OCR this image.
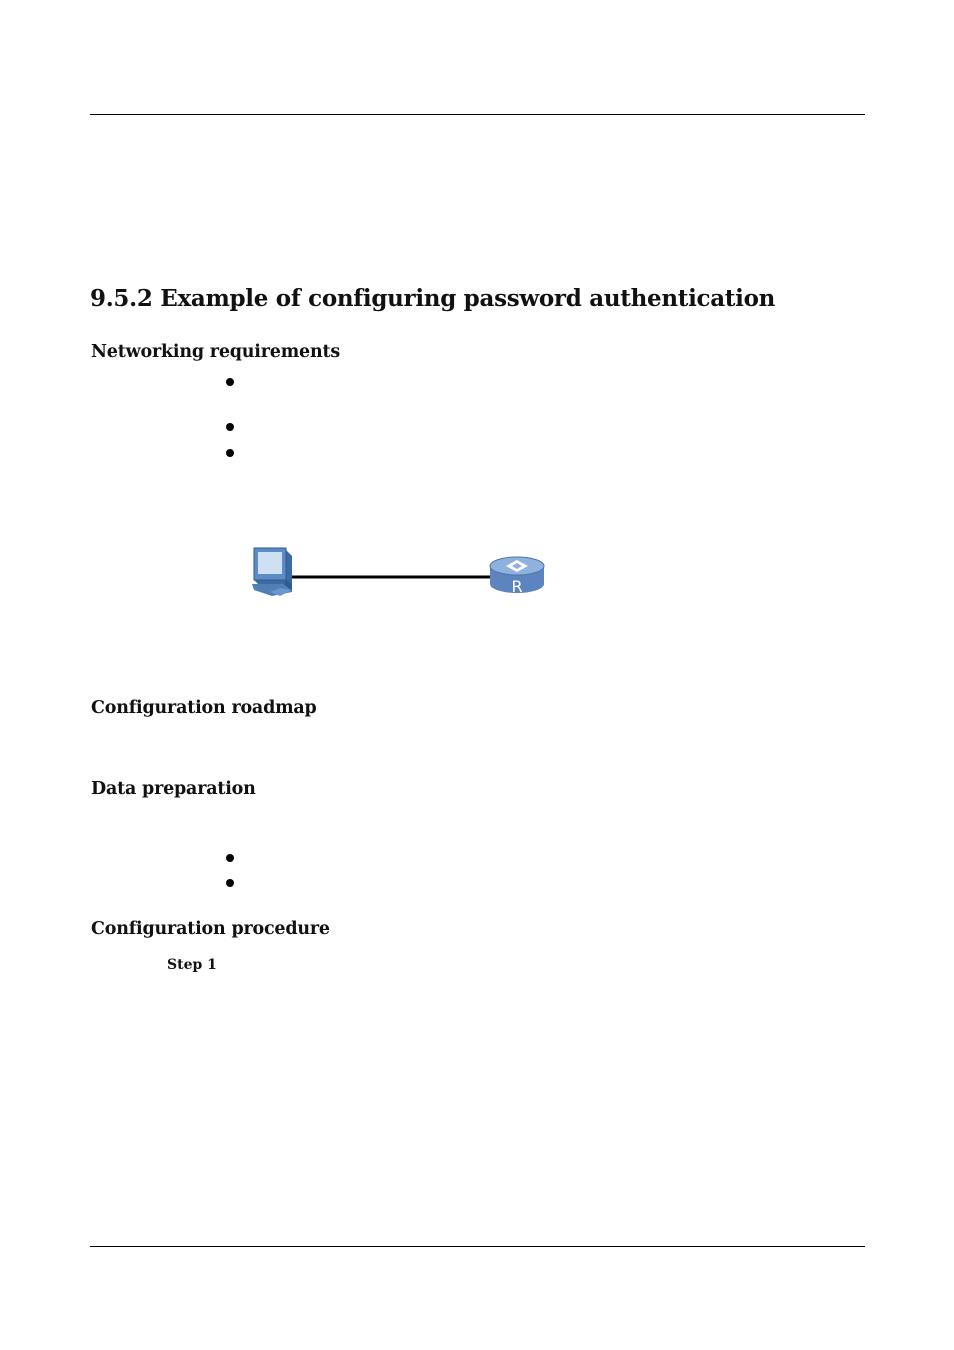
9.5.2 Example of configuring password authentication
Networking requirements
R
Configuration roadmap
Data preparation
Configuration procedure
Step 1
